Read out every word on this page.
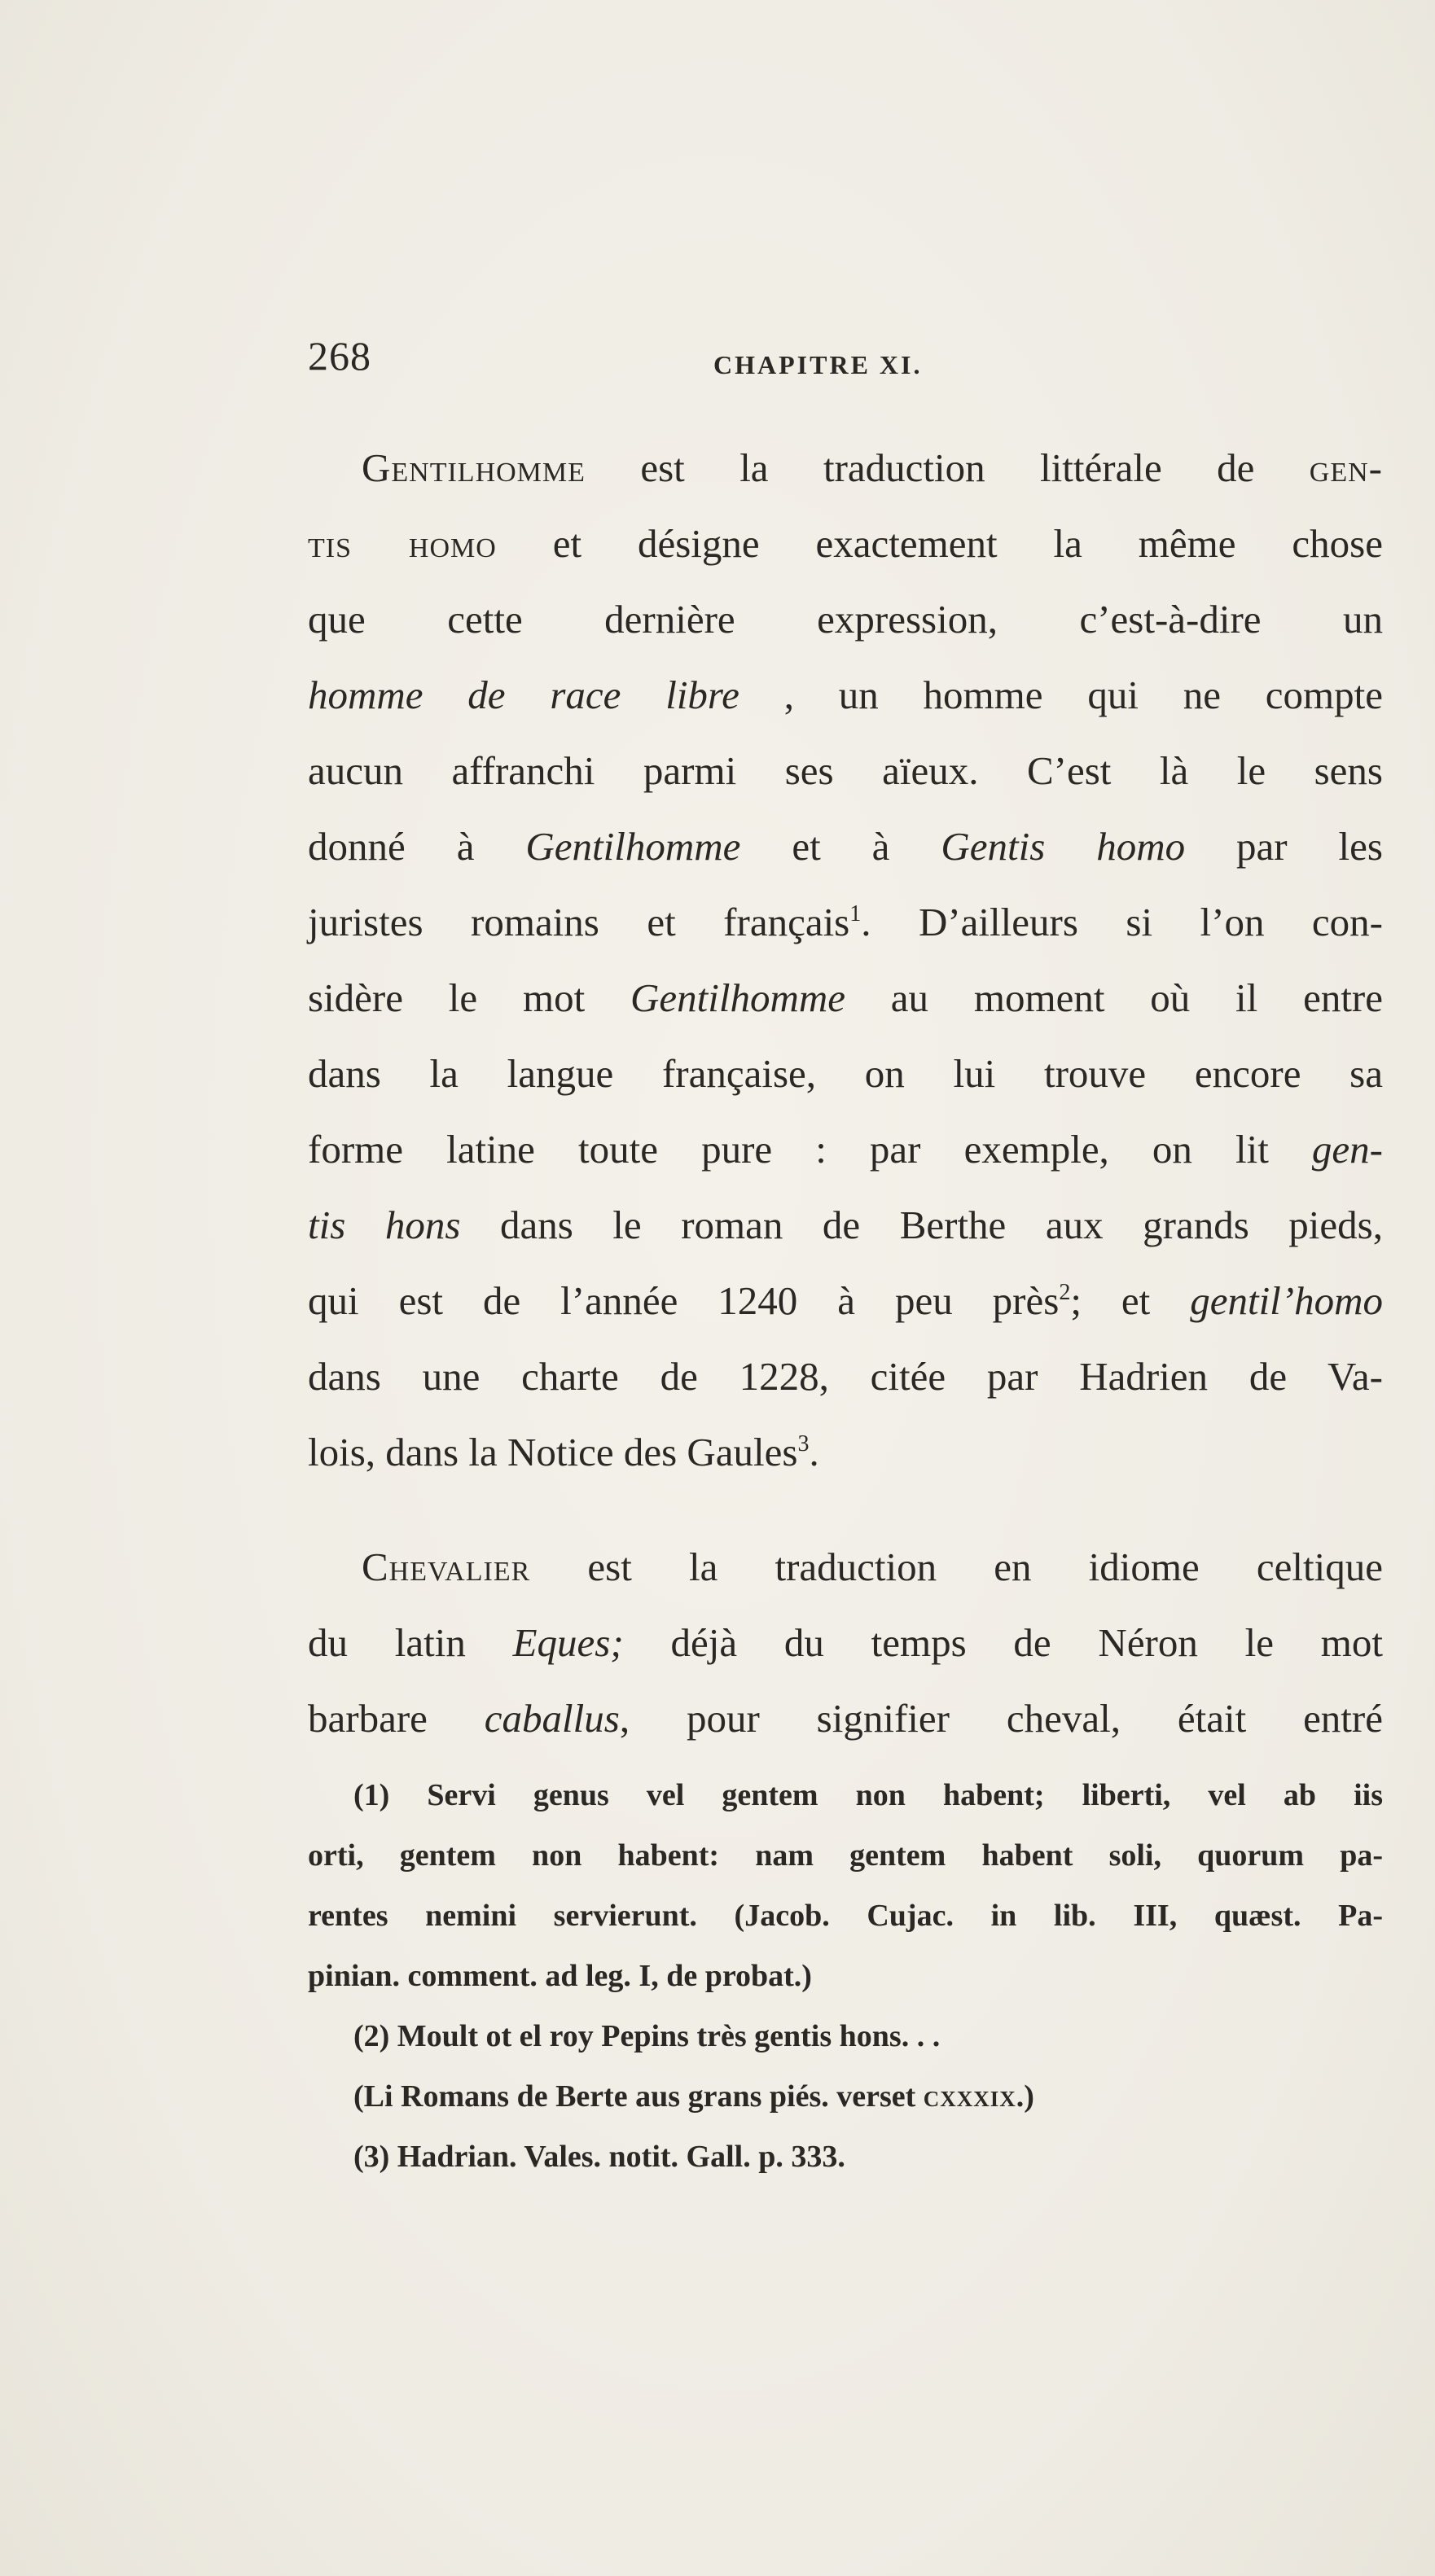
268	CHAPITRE XI.
Gentilhomme est la traduction littérale de gen-
tis homo et désigne exactement la même chose
que cette dernière expression, c’est-à-dire un
homme de race libre , un homme qui ne compte
aucun affranchi parmi ses aïeux. C’est là le sens
donné à Gentilhomme et à Gentis homo par les
juristes romains et français$^1$. D’ailleurs si l’on con-
sidère le mot Gentilhomme au moment où il entre
dans la langue française, on lui trouve encore sa
forme latine toute pure : par exemple, on lit gen-
tis hons dans le roman de Berthe aux grands pieds,
qui est de l’année 1240 à peu près$^2$; et gentil’homo
dans une charte de 1228, citée par Hadrien de Va-
lois, dans la Notice des Gaules$^3$.
Chevalier est la traduction en idiome celtique
du latin Eques; déjà du temps de Néron le mot
barbare caballus, pour signifier cheval, était entré
(1) Servi genus vel gentem non habent; liberti, vel ab iis
orti, gentem non habent: nam gentem habent soli, quorum pa-
rentes nemini servierunt. (Jacob. Cujac. in lib. III, quæst. Pa-
pinian. comment. ad leg. I, de probat.)
(2) Moult ot el roy Pepins très gentis hons. . .
(Li Romans de Berte aus grans piés. verset cxxxix.)
(3) Hadrian. Vales. notit. Gall. p. 333.
